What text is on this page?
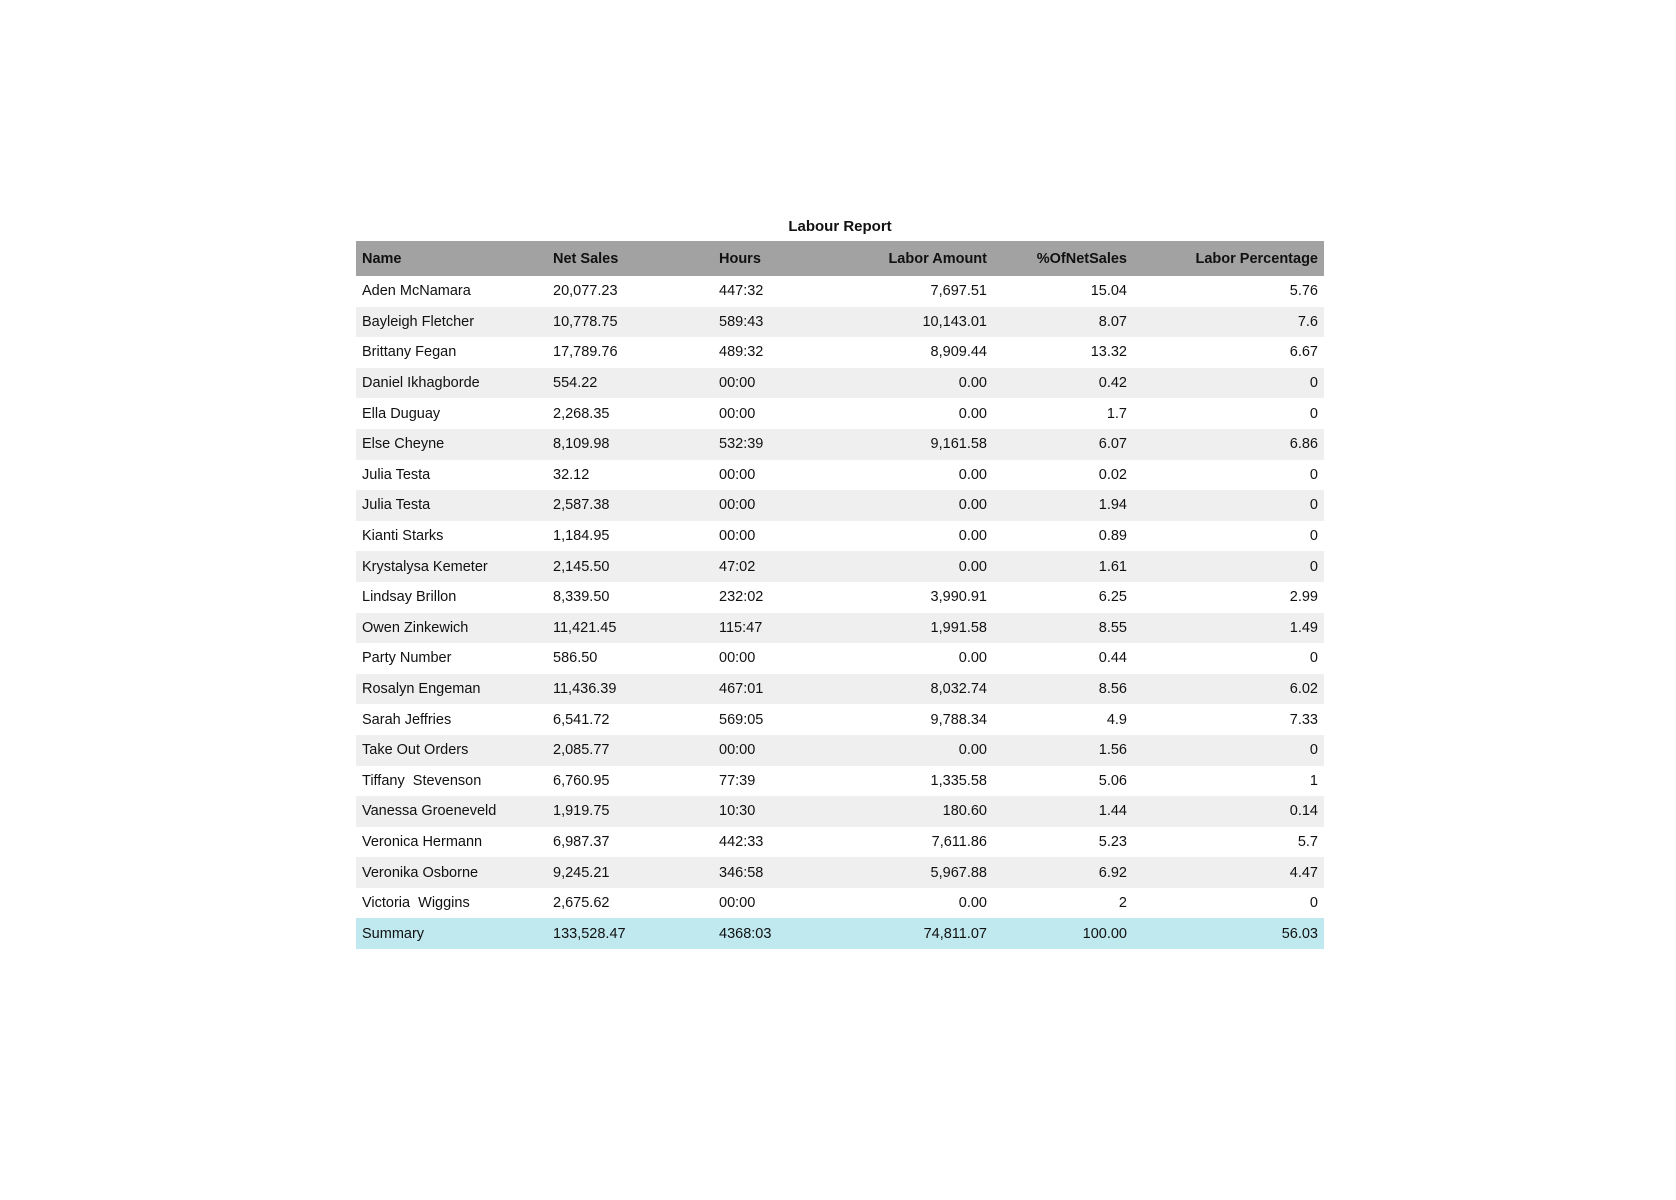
Labour Report
Name	Net Sales	Hours	Labor Amount	%OfNetSales	Labor Percentage
Aden McNamara	20,077.23	447:32	7,697.51	15.04	5.76
Bayleigh Fletcher	10,778.75	589:43	10,143.01	8.07	7.6
Brittany Fegan	17,789.76	489:32	8,909.44	13.32	6.67
Daniel Ikhagborde	554.22	00:00	0.00	0.42	0
Ella Duguay	2,268.35	00:00	0.00	1.7	0
Else Cheyne	8,109.98	532:39	9,161.58	6.07	6.86
Julia Testa	32.12	00:00	0.00	0.02	0
Julia Testa	2,587.38	00:00	0.00	1.94	0
Kianti Starks	1,184.95	00:00	0.00	0.89	0
Krystalysa Kemeter	2,145.50	47:02	0.00	1.61	0
Lindsay Brillon	8,339.50	232:02	3,990.91	6.25	2.99
Owen Zinkewich	11,421.45	115:47	1,991.58	8.55	1.49
Party Number	586.50	00:00	0.00	0.44	0
Rosalyn Engeman	11,436.39	467:01	8,032.74	8.56	6.02
Sarah Jeffries	6,541.72	569:05	9,788.34	4.9	7.33
Take Out Orders	2,085.77	00:00	0.00	1.56	0
Tiffany  Stevenson	6,760.95	77:39	1,335.58	5.06	1
Vanessa Groeneveld	1,919.75	10:30	180.60	1.44	0.14
Veronica Hermann	6,987.37	442:33	7,611.86	5.23	5.7
Veronika Osborne	9,245.21	346:58	5,967.88	6.92	4.47
Victoria  Wiggins	2,675.62	00:00	0.00	2	0
Summary	133,528.47	4368:03	74,811.07	100.00	56.03
